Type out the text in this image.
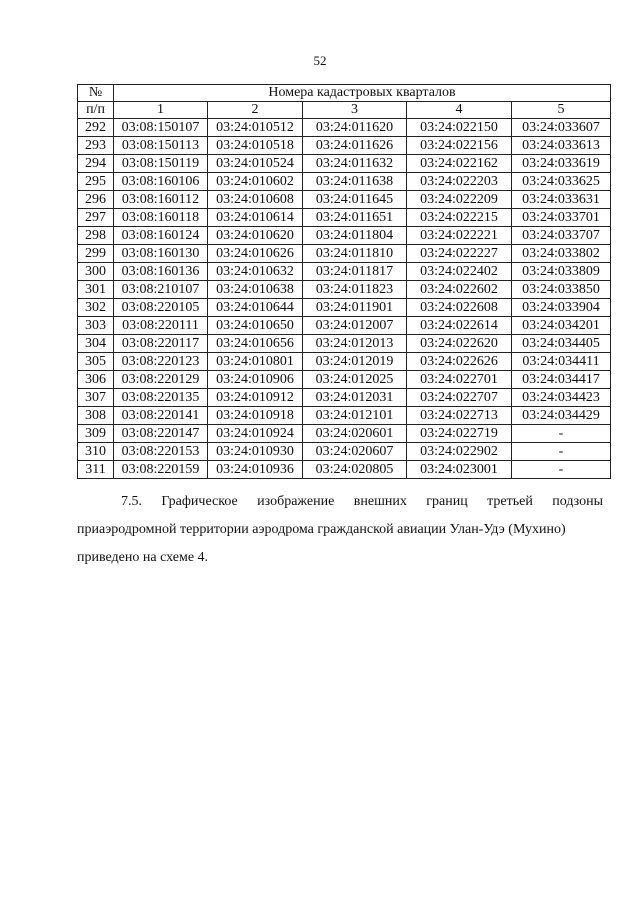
52
№	Номера кадастровых кварталов				
п/п	1	2	3	4	5
292	03:08:150107	03:24:010512	03:24:011620	03:24:022150	03:24:033607
293	03:08:150113	03:24:010518	03:24:011626	03:24:022156	03:24:033613
294	03:08:150119	03:24:010524	03:24:011632	03:24:022162	03:24:033619
295	03:08:160106	03:24:010602	03:24:011638	03:24:022203	03:24:033625
296	03:08:160112	03:24:010608	03:24:011645	03:24:022209	03:24:033631
297	03:08:160118	03:24:010614	03:24:011651	03:24:022215	03:24:033701
298	03:08:160124	03:24:010620	03:24:011804	03:24:022221	03:24:033707
299	03:08:160130	03:24:010626	03:24:011810	03:24:022227	03:24:033802
300	03:08:160136	03:24:010632	03:24:011817	03:24:022402	03:24:033809
301	03:08:210107	03:24:010638	03:24:011823	03:24:022602	03:24:033850
302	03:08:220105	03:24:010644	03:24:011901	03:24:022608	03:24:033904
303	03:08:220111	03:24:010650	03:24:012007	03:24:022614	03:24:034201
304	03:08:220117	03:24:010656	03:24:012013	03:24:022620	03:24:034405
305	03:08:220123	03:24:010801	03:24:012019	03:24:022626	03:24:034411
306	03:08:220129	03:24:010906	03:24:012025	03:24:022701	03:24:034417
307	03:08:220135	03:24:010912	03:24:012031	03:24:022707	03:24:034423
308	03:08:220141	03:24:010918	03:24:012101	03:24:022713	03:24:034429
309	03:08:220147	03:24:010924	03:24:020601	03:24:022719	-
310	03:08:220153	03:24:010930	03:24:020607	03:24:022902	-
311	03:08:220159	03:24:010936	03:24:020805	03:24:023001	-

7.5. Графическое изображение внешних границ третьей подзоны

приаэродромной территории аэродрома гражданской авиации Улан-Удэ (Мухино)

приведено на схеме 4.
